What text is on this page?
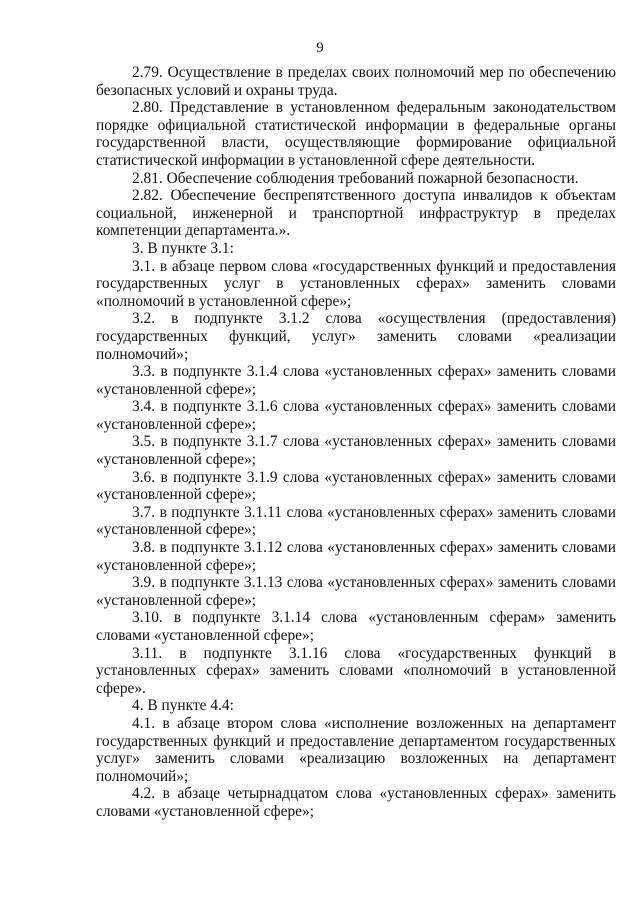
9

2.79. Осуществление в пределах своих полномочий мер по обеспечению безопасных условий и охраны труда.

2.80. Представление в установленном федеральным законодательством порядке официальной статистической информации в федеральные органы государственной власти, осуществляющие формирование официальной статистической информации в установленной сфере деятельности.

2.81. Обеспечение соблюдения требований пожарной безопасности.

2.82. Обеспечение беспрепятственного доступа инвалидов к объектам социальной, инженерной и транспортной инфраструктур в пределах компетенции департамента.».

3. В пункте 3.1:

3.1. в абзаце первом слова «государственных функций и предоставления государственных услуг в установленных сферах» заменить словами «полномочий в установленной сфере»;

3.2. в подпункте 3.1.2 слова «осуществления (предоставления) государственных функций, услуг» заменить словами «реализации полномочий»;

3.3. в подпункте 3.1.4 слова «установленных сферах» заменить словами «установленной сфере»;

3.4. в подпункте 3.1.6 слова «установленных сферах» заменить словами «установленной сфере»;

3.5. в подпункте 3.1.7 слова «установленных сферах» заменить словами «установленной сфере»;

3.6. в подпункте 3.1.9 слова «установленных сферах» заменить словами «установленной сфере»;

3.7. в подпункте 3.1.11 слова «установленных сферах» заменить словами «установленной сфере»;

3.8. в подпункте 3.1.12 слова «установленных сферах» заменить словами «установленной сфере»;

3.9. в подпункте 3.1.13 слова «установленных сферах» заменить словами «установленной сфере»;

3.10. в подпункте 3.1.14 слова «установленным сферам» заменить словами «установленной сфере»;

3.11. в подпункте 3.1.16 слова «государственных функций в установленных сферах» заменить словами «полномочий в установленной сфере».

4. В пункте 4.4:

4.1. в абзаце втором слова «исполнение возложенных на департамент государственных функций и предоставление департаментом государственных услуг» заменить словами «реализацию возложенных на департамент полномочий»;

4.2. в абзаце четырнадцатом слова «установленных сферах» заменить словами «установленной сфере»;
